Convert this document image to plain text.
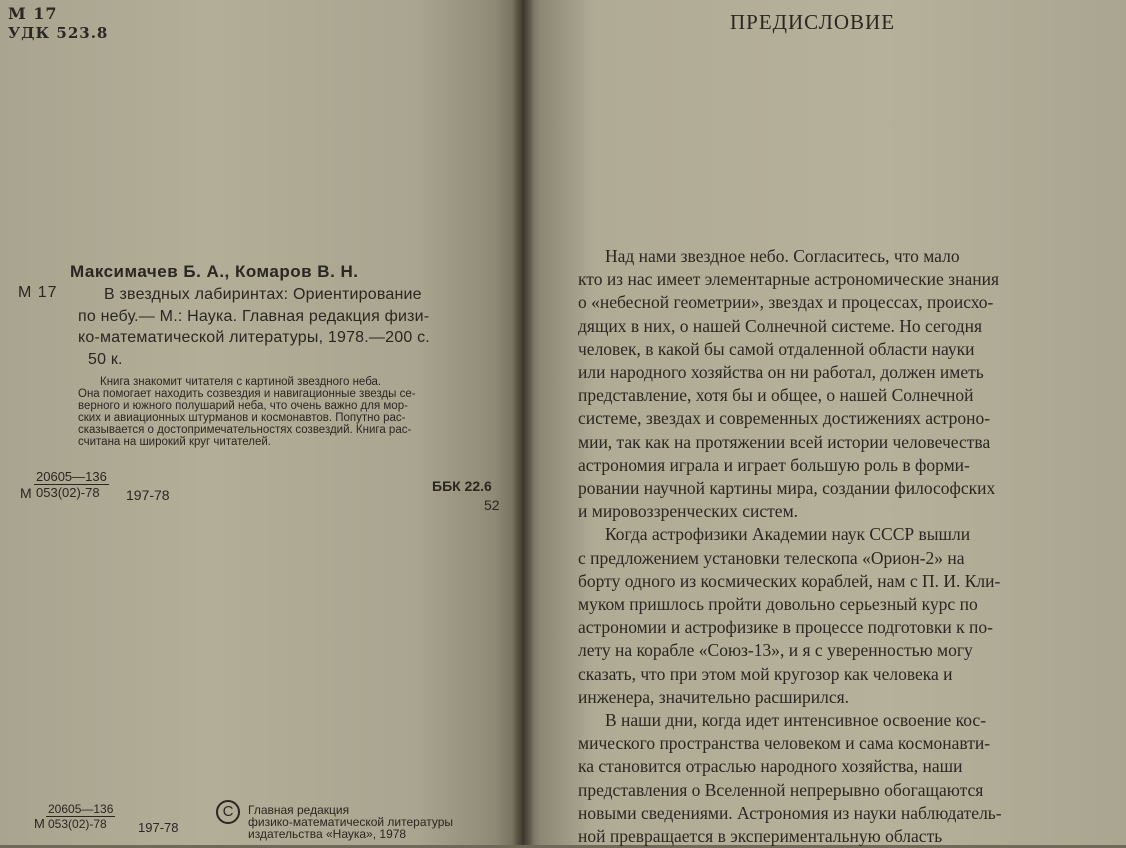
М 17
УДК 523.8
Максимачев Б. А., Комаров В. Н.
М 17	В звездных лабиринтах: Ориентирование
по небу.— М.: Наука. Главная редакция физи-
ко-математической литературы, 1978.—200 с.
50 к.
Книга знакомит читателя с картиной звездного неба.
Она помогает находить созвездия и навигационные звезды се-
верного и южного полушарий неба, что очень важно для мор-
ских и авиационных штурманов и космонавтов. Попутно рас-
сказывается о достопримечательностях созвездий. Книга рас-
считана на широкий круг читателей.
М $\frac{20605—136}{053(02)-78} 197-78$
ББК 22.6
52
М $\frac{20605—136}{053(02)-78} 197-78$
C	Главная редакция
физико-математической литературы
издательства «Наука», 1978
ПРЕДИСЛОВИЕ
Над нами звездное небо. Согласитесь, что мало
кто из нас имеет элементарные астрономические знания
о «небесной геометрии», звездах и процессах, происхо-
дящих в них, о нашей Солнечной системе. Но сегодня
человек, в какой бы самой отдаленной области науки
или народного хозяйства он ни работал, должен иметь
представление, хотя бы и общее, о нашей Солнечной
системе, звездах и современных достижениях астроно-
мии, так как на протяжении всей истории человечества
астрономия играла и играет большую роль в форми-
ровании научной картины мира, создании философских
и мировоззренческих систем.
Когда астрофизики Академии наук СССР вышли
с предложением установки телескопа «Орион-2» на
борту одного из космических кораблей, нам с П. И. Кли-
муком пришлось пройти довольно серьезный курс по
астрономии и астрофизике в процессе подготовки к по-
лету на корабле «Союз-13», и я с уверенностью могу
сказать, что при этом мой кругозор как человека и
инженера, значительно расширился.
В наши дни, когда идет интенсивное освоение кос-
мического пространства человеком и сама космонавти-
ка становится отраслью народного хозяйства, наши
представления о Вселенной непрерывно обогащаются
новыми сведениями. Астрономия из науки наблюдатель-
ной превращается в экспериментальную область
